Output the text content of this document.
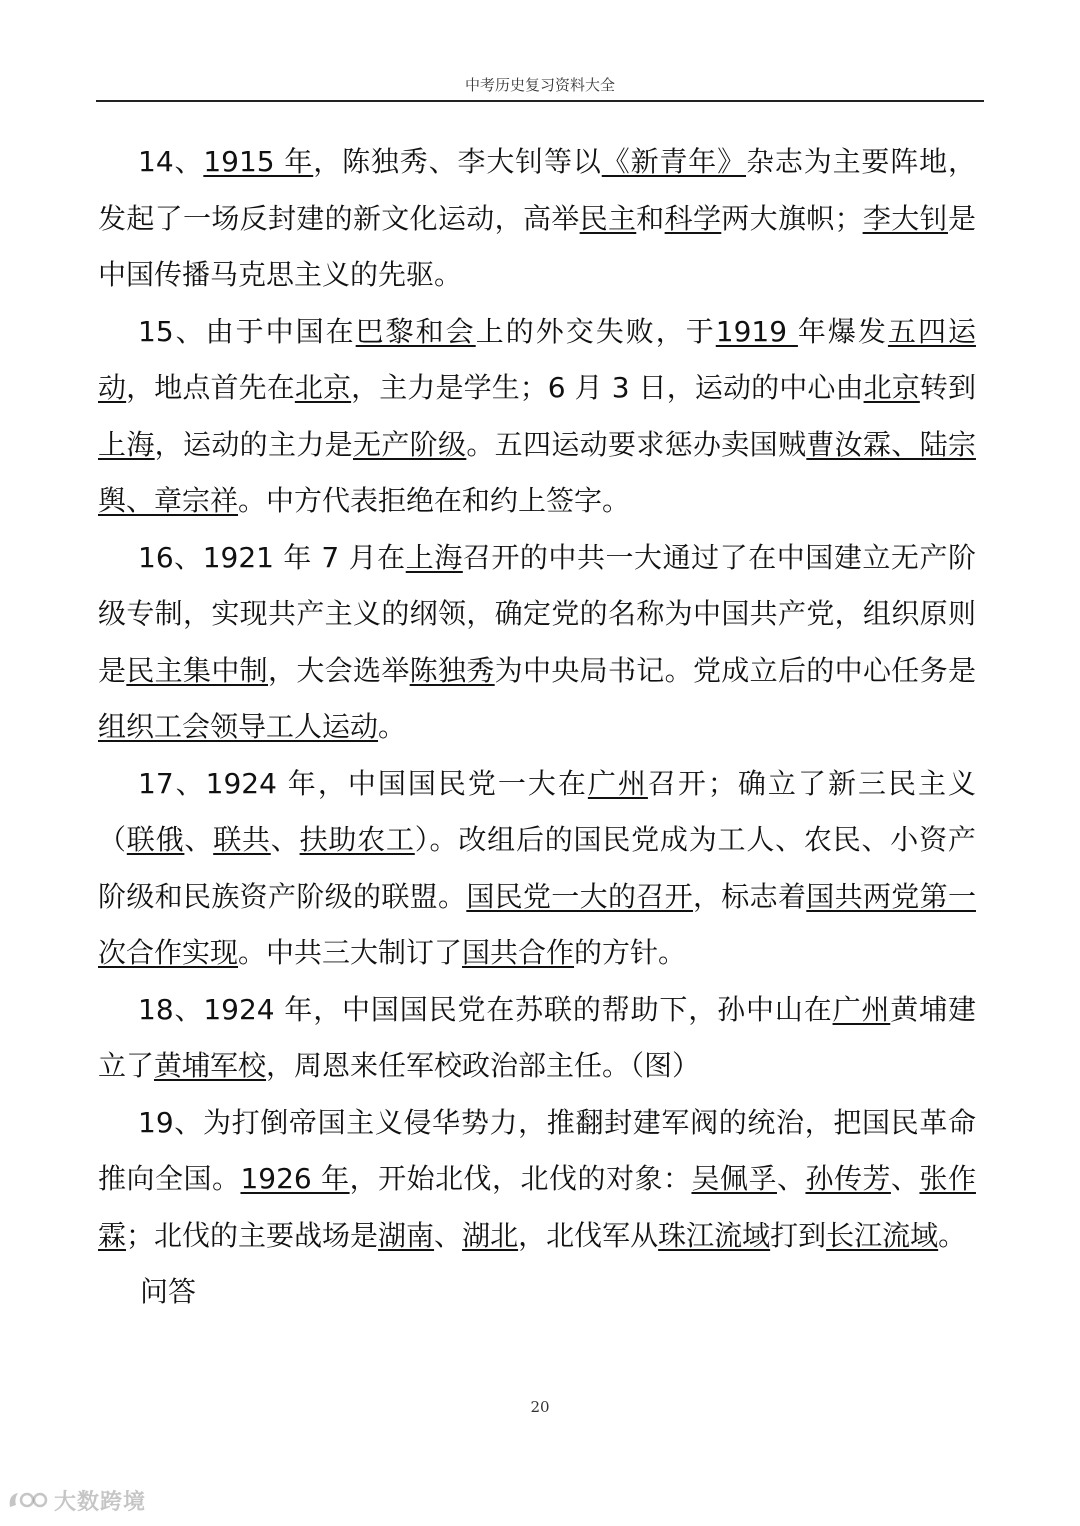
中考历史复习资料大全

14、1915 年，陈独秀、李大钊等以《新青年》杂志为主要阵地，发起了一场反封建的新文化运动，高举民主和科学两大旗帜；李大钊是中国传播马克思主义的先驱。

15、由于中国在巴黎和会上的外交失败，于1919 年爆发五四运动，地点首先在北京，主力是学生；6 月 3 日，运动的中心由北京转到上海，运动的主力是无产阶级。五四运动要求惩办卖国贼曹汝霖、陆宗舆、章宗祥。中方代表拒绝在和约上签字。

16、1921 年 7 月在上海召开的中共一大通过了在中国建立无产阶级专制，实现共产主义的纲领，确定党的名称为中国共产党，组织原则是民主集中制，大会选举陈独秀为中央局书记。党成立后的中心任务是组织工会领导工人运动。

17、1924 年，中国国民党一大在广州召开；确立了新三民主义（联俄、联共、扶助农工）。改组后的国民党成为工人、农民、小资产阶级和民族资产阶级的联盟。国民党一大的召开，标志着国共两党第一次合作实现。中共三大制订了国共合作的方针。

18、1924 年，中国国民党在苏联的帮助下，孙中山在广州黄埔建立了黄埔军校，周恩来任军校政治部主任。（图）

19、为打倒帝国主义侵华势力，推翻封建军阀的统治，把国民革命推向全国。1926 年，开始北伐，北伐的对象：吴佩孚、孙传芳、张作霖；北伐的主要战场是湖南、湖北，北伐军从珠江流域打到长江流域。

问答

20
大数跨境
